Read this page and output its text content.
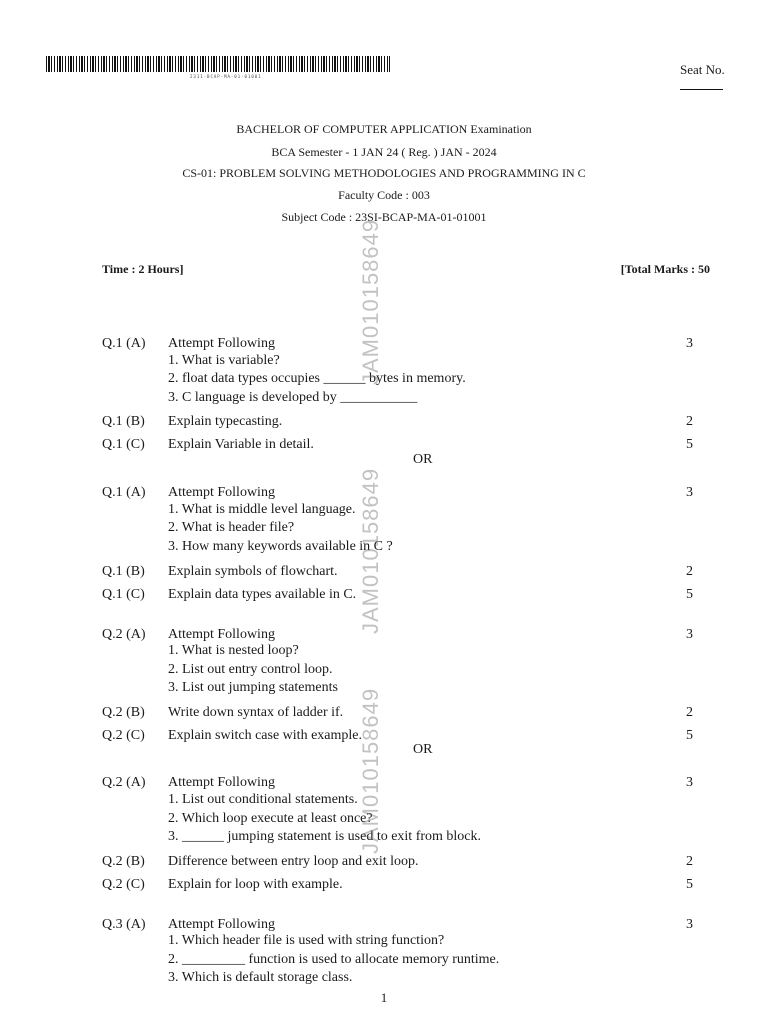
2311-BCAP-MA-01-01001	Seat No.
BACHELOR OF COMPUTER APPLICATION Examination
BCA Semester - 1 JAN 24 ( Reg. ) JAN - 2024
CS-01: PROBLEM SOLVING METHODOLOGIES AND PROGRAMMING IN C
Faculty Code : 003
Subject Code : 23SI-BCAP-MA-01-01001
Time : 2 Hours]	[Total Marks : 50
Q.1 (A) Attempt Following	3
1. What is variable?
2. float data types occupies ______ bytes in memory.
3. C language is developed by ___________
Q.1 (B) Explain typecasting.	2
Q.1 (C) Explain Variable in detail.	5
OR
Q.1 (A) Attempt Following	3
1. What is middle level language.
2. What is header file?
3. How many keywords available in C ?
Q.1 (B) Explain symbols of flowchart.	2
Q.1 (C) Explain data types available in C.	5
Q.2 (A) Attempt Following	3
1. What is nested loop?
2. List out entry control loop.
3. List out jumping statements
Q.2 (B) Write down syntax of ladder if.	2
Q.2 (C) Explain switch case with example.	5
OR
Q.2 (A) Attempt Following	3
1. List out conditional statements.
2. Which loop execute at least once?
3. ______ jumping statement is used to exit from block.
Q.2 (B) Difference between entry loop and exit loop.	2
Q.2 (C) Explain for loop with example.	5
Q.3 (A) Attempt Following	3
1. Which header file is used with string function?
2. _________ function is used to allocate memory runtime.
3. Which is default storage class.
JAM010158649
JAM010158649
JAM010158649
1
